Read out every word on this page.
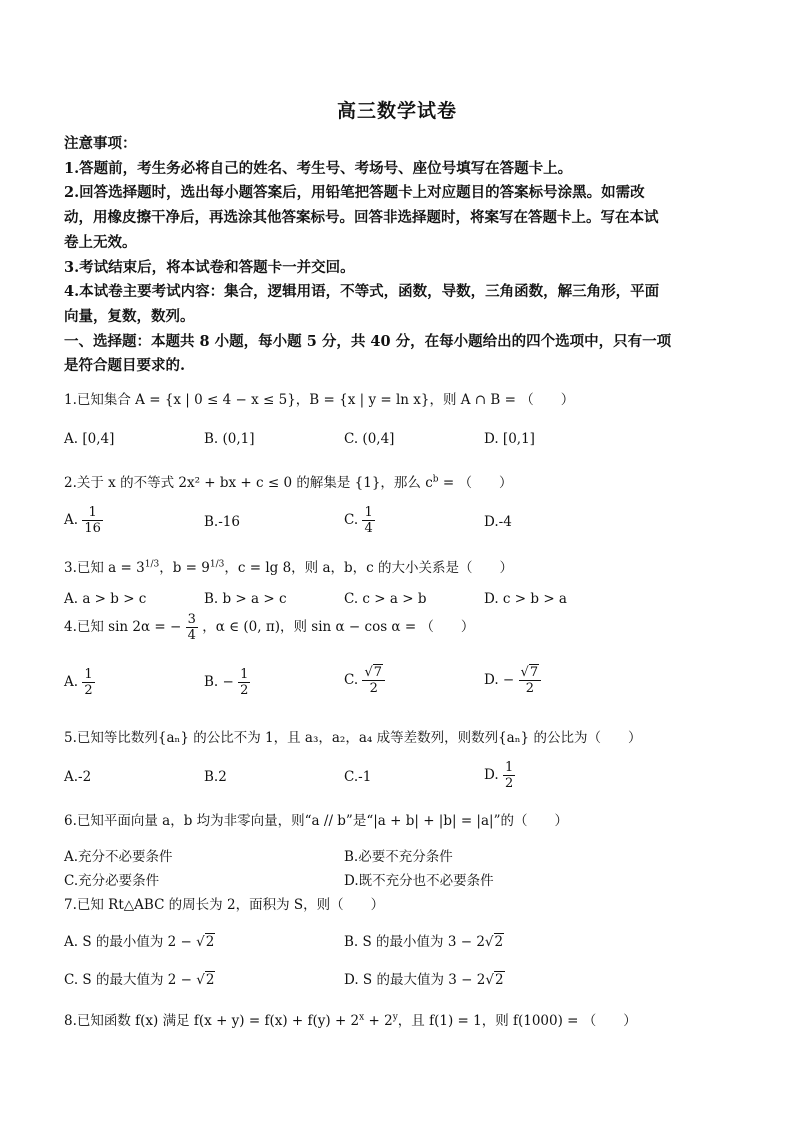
高三数学试卷
注意事项：
1.答题前，考生务必将自己的姓名、考生号、考场号、座位号填写在答题卡上。
2.回答选择题时，选出每小题答案后，用铅笔把答题卡上对应题目的答案标号涂黑。如需改
动，用橡皮擦干净后，再选涂其他答案标号。回答非选择题时，将案写在答题卡上。写在本试
卷上无效。
3.考试结束后，将本试卷和答题卡一并交回。
4.本试卷主要考试内容：集合，逻辑用语，不等式，函数，导数，三角函数，解三角形，平面
向量，复数，数列。
一、选择题：本题共 8 小题，每小题 5 分，共 40 分，在每小题给出的四个选项中，只有一项
是符合题目要求的.
1.已知集合 A = {x | 0 ≤ 4 − x ≤ 5}，B = {x | y = ln x}，则 A ∩ B = （　　）
A. [0,4]	B. (0,1]	C. (0,4]	D. [0,1]
2.关于 x 的不等式 2x² + bx + c ≤ 0 的解集是 {1}，那么 $c^b$ = （　　）
A. $\frac{1}{16}$	B.-16	C. $\frac{1}{4}$	D.-4
3.已知 $a = 3^{1/3}$，$b = 9^{1/3}$，c = lg 8，则 a，b，c 的大小关系是（　　）
A. a > b > c	B. b > a > c	C. c > a > b	D. c > b > a
4.已知 sin 2α = − $\frac{3}{4}$ ，α ∈ (0, π)，则 sin α − cos α = （　　）
A. $\frac{1}{2}$	B. − $\frac{1}{2}$	C. $\frac{√7}{2}$	D. − $\frac{√7}{2}$
5.已知等比数列{aₙ} 的公比不为 1，且 a₃，a₂，a₄ 成等差数列，则数列{aₙ} 的公比为（　　）
A.-2	B.2	C.-1	D. $\frac{1}{2}$
6.已知平面向量 a，b 均为非零向量，则“a // b”是“|a + b| + |b| = |a|”的（　　）
A.充分不必要条件	B.必要不充分条件
C.充分必要条件	D.既不充分也不必要条件
7.已知 Rt△ABC 的周长为 2，面积为 S，则（　　）
A. S 的最小值为 2 − √2	B. S 的最小值为 3 − 2√2
C. S 的最大值为 2 − √2	D. S 的最大值为 3 − 2√2
8.已知函数 f(x) 满足 $f(x + y) = f(x) + f(y) + 2^x + 2^y$，且 f(1) = 1，则 f(1000) = （　　）
